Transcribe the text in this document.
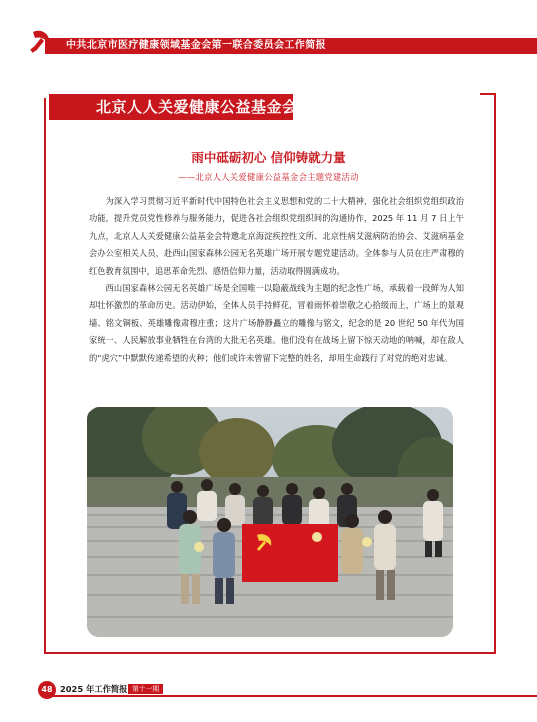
中共北京市医疗健康领域基金会第一联合委员会工作简报
北京人人关爱健康公益基金会
雨中砥砺初心 信仰铸就力量
——北京人人关爱健康公益基金会主题党建活动

为深入学习贯彻习近平新时代中国特色社会主义思想和党的二十大精神，强化社会组织党组织政治功能，提升党员党性修养与服务能力，促进各社会组织党组织间的沟通协作，2025 年 11 月 7 日上午九点，北京人人关爱健康公益基金会特邀北京海淀疾控性文所、北京性病艾滋病防治协会、艾滋病基金会办公室相关人员，赴西山国家森林公园无名英雄广场开展专题党建活动。全体参与人员在庄严肃穆的红色教育氛围中，追思革命先烈、感悟信仰力量，活动取得圆满成功。

西山国家森林公园无名英雄广场是全国唯一以隐蔽战线为主题的纪念性广场，承载着一段鲜为人知却壮怀激烈的革命历史。活动伊始，全体人员手持鲜花，冒着雨怀着崇敬之心拾级而上，广场上的景观墙、铭文铜板、英雄雕像肃穆庄重；这片广场静静矗立的雕像与铭文，纪念的是 20 世纪 50 年代为国家统一、人民解放事业牺牲在台湾的大批无名英雄。他们没有在战场上留下惊天动地的呐喊，却在敌人的“虎穴”中默默传递希望的火种；他们或许未曾留下完整的姓名，却用生命践行了对党的绝对忠诚。

48 2025 年工作简报 第十一期
